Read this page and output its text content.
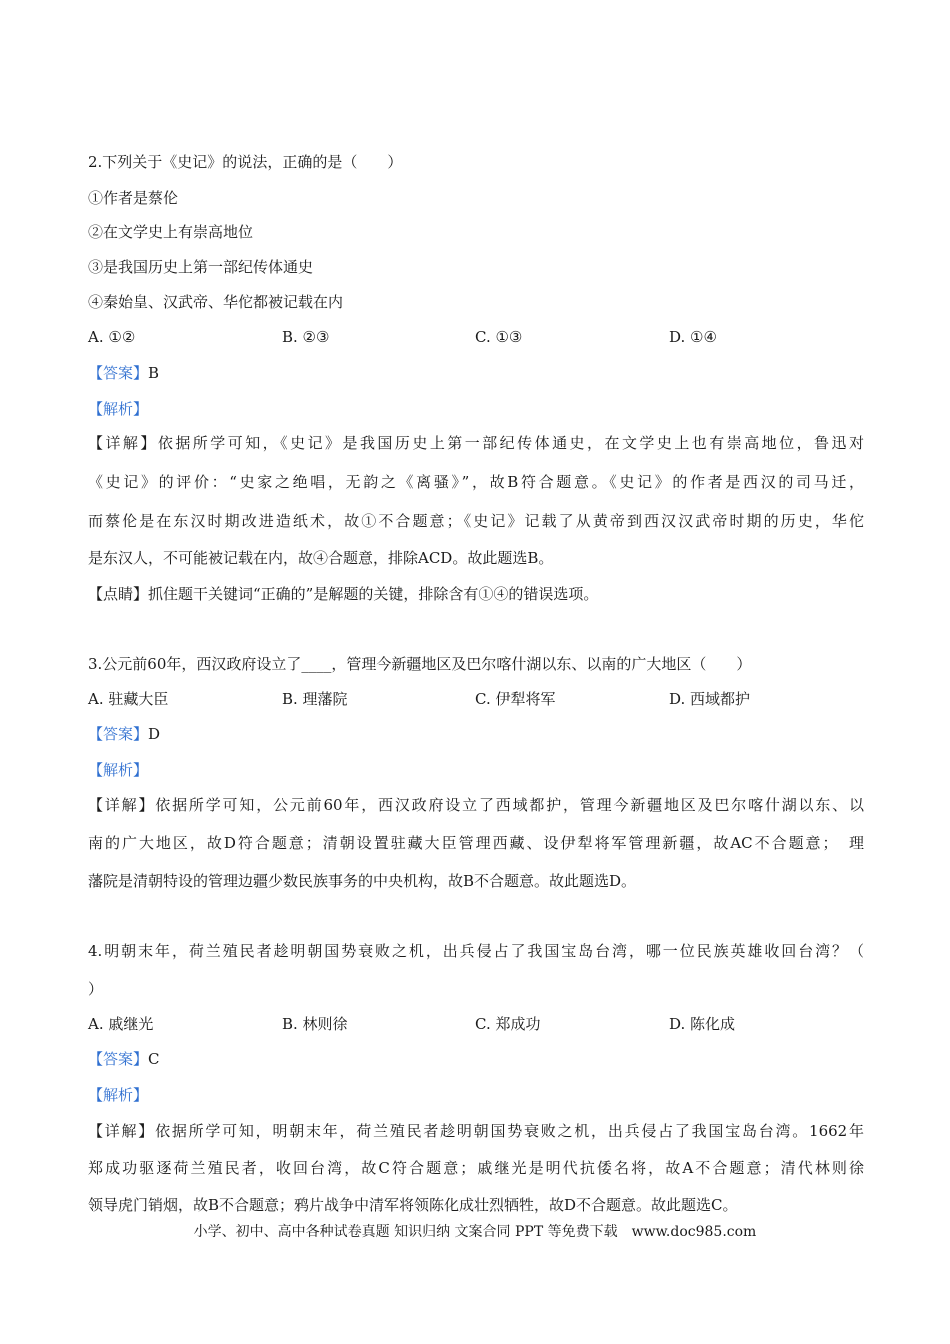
2.下列关于《史记》的说法，正确的是（　　）
①作者是蔡伦
②在文学史上有崇高地位
③是我国历史上第一部纪传体通史
④秦始皇、汉武帝、华佗都被记载在内
A. ①②	B. ②③	C. ①③	D. ①④
【答案】B
【解析】
【详解】依据所学可知，《史记》是我国历史上第一部纪传体通史，在文学史上也有崇高地位，鲁迅对
《史记》的评价：“史家之绝唱，无韵之《离骚》”，故B符合题意。《史记》的作者是西汉的司马迁，
而蔡伦是在东汉时期改进造纸术，故①不合题意；《史记》记载了从黄帝到西汉汉武帝时期的历史，华佗
是东汉人，不可能被记载在内，故④合题意，排除ACD。故此题选B。
【点睛】抓住题干关键词“正确的”是解题的关键，排除含有①④的错误选项。
3.公元前60年，西汉政府设立了____，管理今新疆地区及巴尔喀什湖以东、以南的广大地区（　　）
A. 驻藏大臣	B. 理藩院	C. 伊犁将军	D. 西域都护
【答案】D
【解析】
【详解】依据所学可知，公元前60年，西汉政府设立了西域都护，管理今新疆地区及巴尔喀什湖以东、以
南的广大地区，故D符合题意；清朝设置驻藏大臣管理西藏、设伊犁将军管理新疆，故AC不合题意；　理
藩院是清朝特设的管理边疆少数民族事务的中央机构，故B不合题意。故此题选D。
4.明朝末年，荷兰殖民者趁明朝国势衰败之机，出兵侵占了我国宝岛台湾，哪一位民族英雄收回台湾？（
）
A. 戚继光	B. 林则徐	C. 郑成功	D. 陈化成
【答案】C
【解析】
【详解】依据所学可知，明朝末年，荷兰殖民者趁明朝国势衰败之机，出兵侵占了我国宝岛台湾。1662年
郑成功驱逐荷兰殖民者，收回台湾，故C符合题意；戚继光是明代抗倭名将，故A不合题意；清代林则徐
领导虎门销烟，故B不合题意；鸦片战争中清军将领陈化成壮烈牺牲，故D不合题意。故此题选C。
小学、初中、高中各种试卷真题 知识归纳 文案合同 PPT 等免费下载　www.doc985.com
